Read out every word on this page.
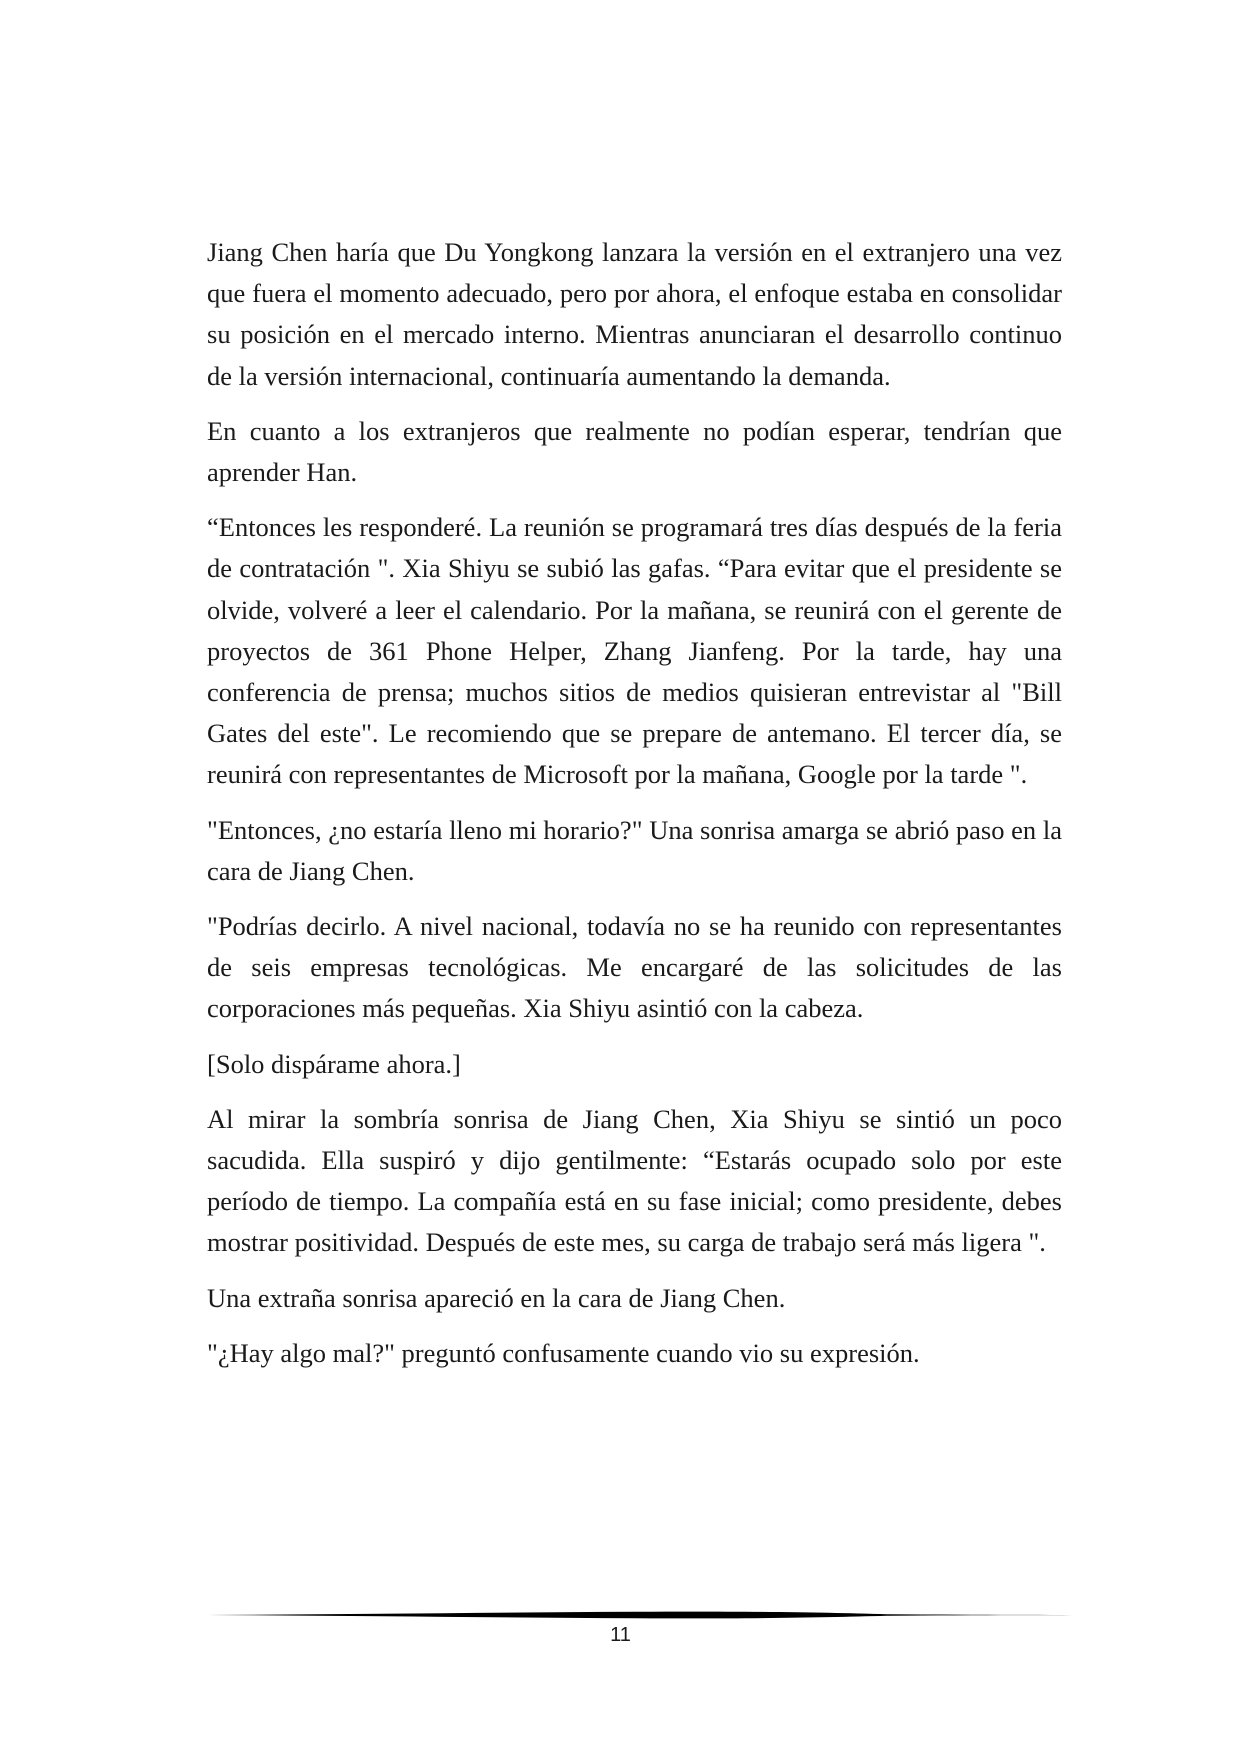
Jiang Chen haría que Du Yongkong lanzara la versión en el extranjero una vez que fuera el momento adecuado, pero por ahora, el enfoque estaba en consolidar su posición en el mercado interno. Mientras anunciaran el desarrollo continuo de la versión internacional, continuaría aumentando la demanda.

En cuanto a los extranjeros que realmente no podían esperar, tendrían que aprender Han.

“Entonces les responderé. La reunión se programará tres días después de la feria de contratación ". Xia Shiyu se subió las gafas. “Para evitar que el presidente se olvide, volveré a leer el calendario. Por la mañana, se reunirá con el gerente de proyectos de 361 Phone Helper, Zhang Jianfeng. Por la tarde, hay una conferencia de prensa; muchos sitios de medios quisieran entrevistar al "Bill Gates del este". Le recomiendo que se prepare de antemano. El tercer día, se reunirá con representantes de Microsoft por la mañana, Google por la tarde ".

"Entonces, ¿no estaría lleno mi horario?" Una sonrisa amarga se abrió paso en la cara de Jiang Chen.

"Podrías decirlo. A nivel nacional, todavía no se ha reunido con representantes de seis empresas tecnológicas. Me encargaré de las solicitudes de las corporaciones más pequeñas. Xia Shiyu asintió con la cabeza.

[Solo dispárame ahora.]

Al mirar la sombría sonrisa de Jiang Chen, Xia Shiyu se sintió un poco sacudida. Ella suspiró y dijo gentilmente: “Estarás ocupado solo por este período de tiempo. La compañía está en su fase inicial; como presidente, debes mostrar positividad. Después de este mes, su carga de trabajo será más ligera ".

Una extraña sonrisa apareció en la cara de Jiang Chen.

"¿Hay algo mal?" preguntó confusamente cuando vio su expresión.

11
